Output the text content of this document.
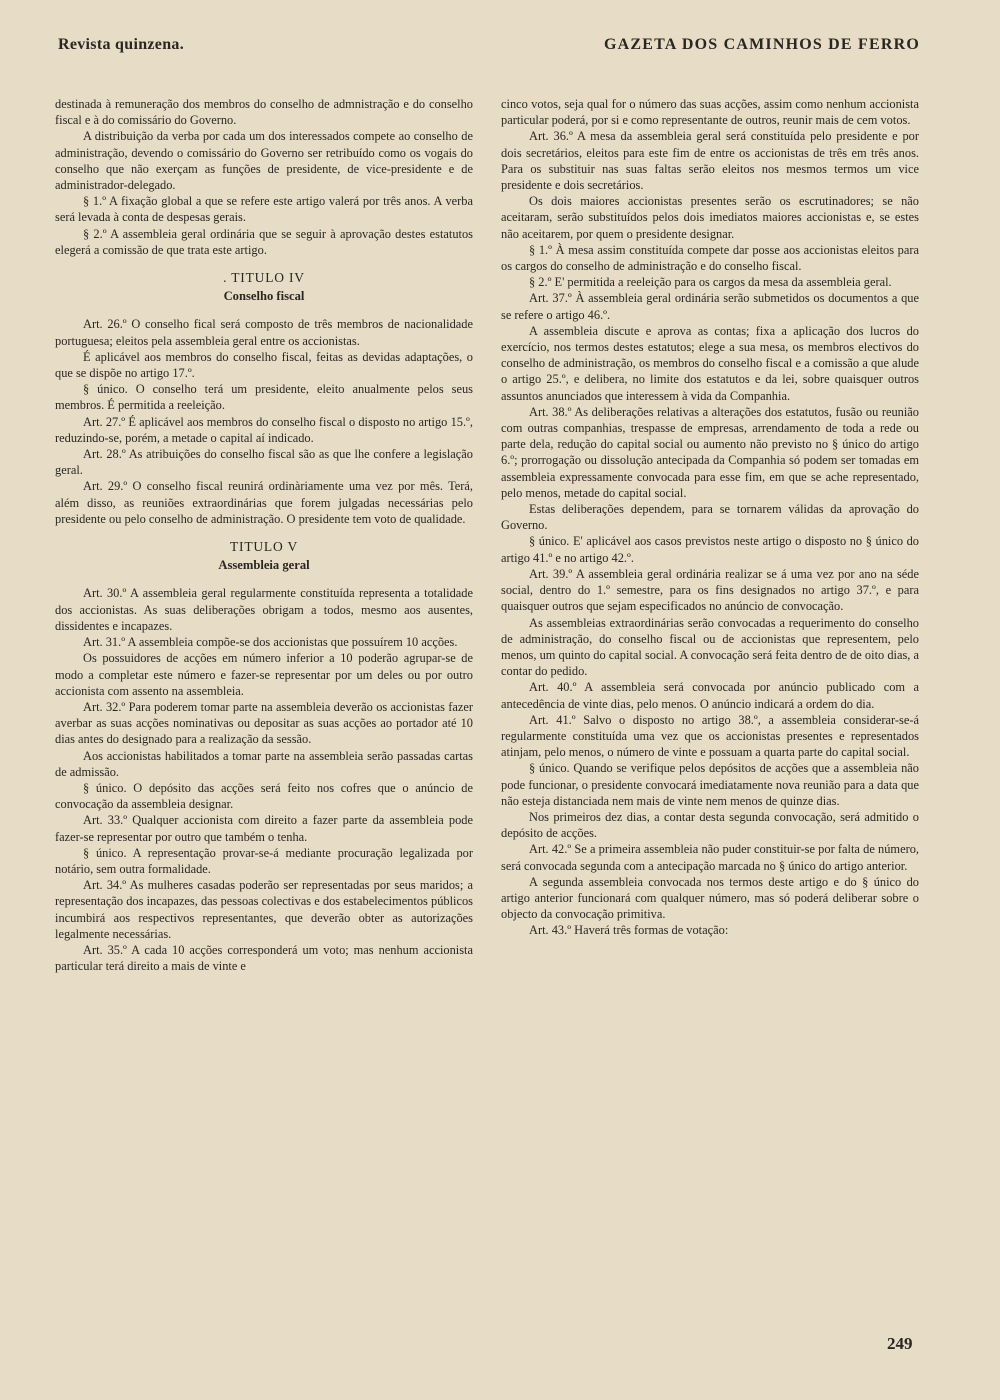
Revista quinzena.	GAZETA DOS CAMINHOS DE FERRO

destinada à remuneração dos membros do conselho de admnistração e do conselho fiscal e à do comissário do Governo.

A distribuição da verba por cada um dos interessados compete ao conselho de administração, devendo o comissário do Governo ser retribuído como os vogais do conselho que não exerçam as funções de presidente, de vice-presidente e de administrador-delegado.

§ 1.º A fixação global a que se refere este artigo valerá por três anos. A verba será levada à conta de despesas gerais.

§ 2.º A assembleia geral ordinária que se seguir à aprovação destes estatutos elegerá a comissão de que trata este artigo.

. TITULO IV
Conselho fiscal

Art. 26.º O conselho fical será composto de três membros de nacionalidade portuguesa; eleitos pela assembleia geral entre os accionistas.

É aplicável aos membros do conselho fiscal, feitas as devidas adaptações, o que se dispõe no artigo 17.º.

§ único. O conselho terá um presidente, eleito anualmente pelos seus membros. É permitida a reeleição.

Art. 27.º É aplicável aos membros do conselho fiscal o disposto no artigo 15.º, reduzindo-se, porém, a metade o capital aí indicado.

Art. 28.º As atribuições do conselho fiscal são as que lhe confere a legislação geral.

Art. 29.º O conselho fiscal reunirá ordinàriamente uma vez por mês. Terá, além disso, as reuniões extraordinárias que forem julgadas necessárias pelo presidente ou pelo conselho de administração. O presidente tem voto de qualidade.

TITULO V
Assembleia geral

Art. 30.º A assembleia geral regularmente constituída representa a totalidade dos accionistas. As suas deliberações obrigam a todos, mesmo aos ausentes, dissidentes e incapazes.

Art. 31.º A assembleia compõe-se dos accionistas que possuírem 10 acções.

Os possuidores de acções em número inferior a 10 poderão agrupar-se de modo a completar este número e fazer-se representar por um deles ou por outro accionista com assento na assembleia.

Art. 32.º Para poderem tomar parte na assembleia deverão os accionistas fazer averbar as suas acções nominativas ou depositar as suas acções ao portador até 10 dias antes do designado para a realização da sessão.

Aos accionistas habilitados a tomar parte na assembleia serão passadas cartas de admissão.

§ único. O depósito das acções será feito nos cofres que o anúncio de convocação da assembleia designar.

Art. 33.º Qualquer accionista com direito a fazer parte da assembleia pode fazer-se representar por outro que também o tenha.

§ único. A representação provar-se-á mediante procuração legalizada por notário, sem outra formalidade.

Art. 34.º As mulheres casadas poderão ser representadas por seus maridos; a representação dos incapazes, das pessoas colectivas e dos estabelecimentos públicos incumbirá aos respectivos representantes, que deverão obter as autorizações legalmente necessárias.

Art. 35.º A cada 10 acções corresponderá um voto; mas nenhum accionista particular terá direito a mais de vinte e

cinco votos, seja qual for o número das suas acções, assim como nenhum accionista particular poderá, por si e como representante de outros, reunir mais de cem votos.

Art. 36.º A mesa da assembleia geral será constituída pelo presidente e por dois secretários, eleitos para este fim de entre os accionistas de três em três anos. Para os substituir nas suas faltas serão eleitos nos mesmos termos um vice presidente e dois secretários.

Os dois maiores accionistas presentes serão os escrutinadores; se não aceitaram, serão substituídos pelos dois imediatos maiores accionistas e, se estes não aceitarem, por quem o presidente designar.

§ 1.º À mesa assim constituída compete dar posse aos accionistas eleitos para os cargos do conselho de administração e do conselho fiscal.

§ 2.º E' permitida a reeleição para os cargos da mesa da assembleia geral.

Art. 37.º À assembleia geral ordinária serão submetidos os documentos a que se refere o artigo 46.º.

A assembleia discute e aprova as contas; fixa a aplicação dos lucros do exercício, nos termos destes estatutos; elege a sua mesa, os membros electivos do conselho de administração, os membros do conselho fiscal e a comissão a que alude o artigo 25.º, e delibera, no limite dos estatutos e da lei, sobre quaisquer outros assuntos anunciados que interessem à vida da Companhia.

Art. 38.º As deliberações relativas a alterações dos estatutos, fusão ou reunião com outras companhias, trespasse de empresas, arrendamento de toda a rede ou parte dela, redução do capital social ou aumento não previsto no § único do artigo 6.º; prorrogação ou dissolução antecipada da Companhia só podem ser tomadas em assembleia expressamente convocada para esse fim, em que se ache representado, pelo menos, metade do capital social.

Estas deliberações dependem, para se tornarem válidas da aprovação do Governo.

§ único. E' aplicável aos casos previstos neste artigo o disposto no § único do artigo 41.º e no artigo 42.º.

Art. 39.º A assembleia geral ordinária realizar se á uma vez por ano na séde social, dentro do 1.º semestre, para os fins designados no artigo 37.º, e para quaisquer outros que sejam especificados no anúncio de convocação.

As assembleias extraordinárias serão convocadas a requerimento do conselho de administração, do conselho fiscal ou de accionistas que representem, pelo menos, um quinto do capital social. A convocação será feita dentro de de oito dias, a contar do pedido.

Art. 40.º A assembleia será convocada por anúncio publicado com a antecedência de vinte dias, pelo menos. O anúncio indicará a ordem do dia.

Art. 41.º Salvo o disposto no artigo 38.º, a assembleia considerar-se-á regularmente constituída uma vez que os accionistas presentes e representados atinjam, pelo menos, o número de vinte e possuam a quarta parte do capital social.

§ único. Quando se verifique pelos depósitos de acções que a assembleia não pode funcionar, o presidente convocará imediatamente nova reunião para a data que não esteja distanciada nem mais de vinte nem menos de quinze dias.

Nos primeiros dez dias, a contar desta segunda convocação, será admitido o depósito de acções.

Art. 42.º Se a primeira assembleia não puder constituir-se por falta de número, será convocada segunda com a antecipação marcada no § único do artigo anterior.

A segunda assembleia convocada nos termos deste artigo e do § único do artigo anterior funcionará com qualquer número, mas só poderá deliberar sobre o objecto da convocação primitiva.

Art. 43.º Haverá três formas de votação:

249
